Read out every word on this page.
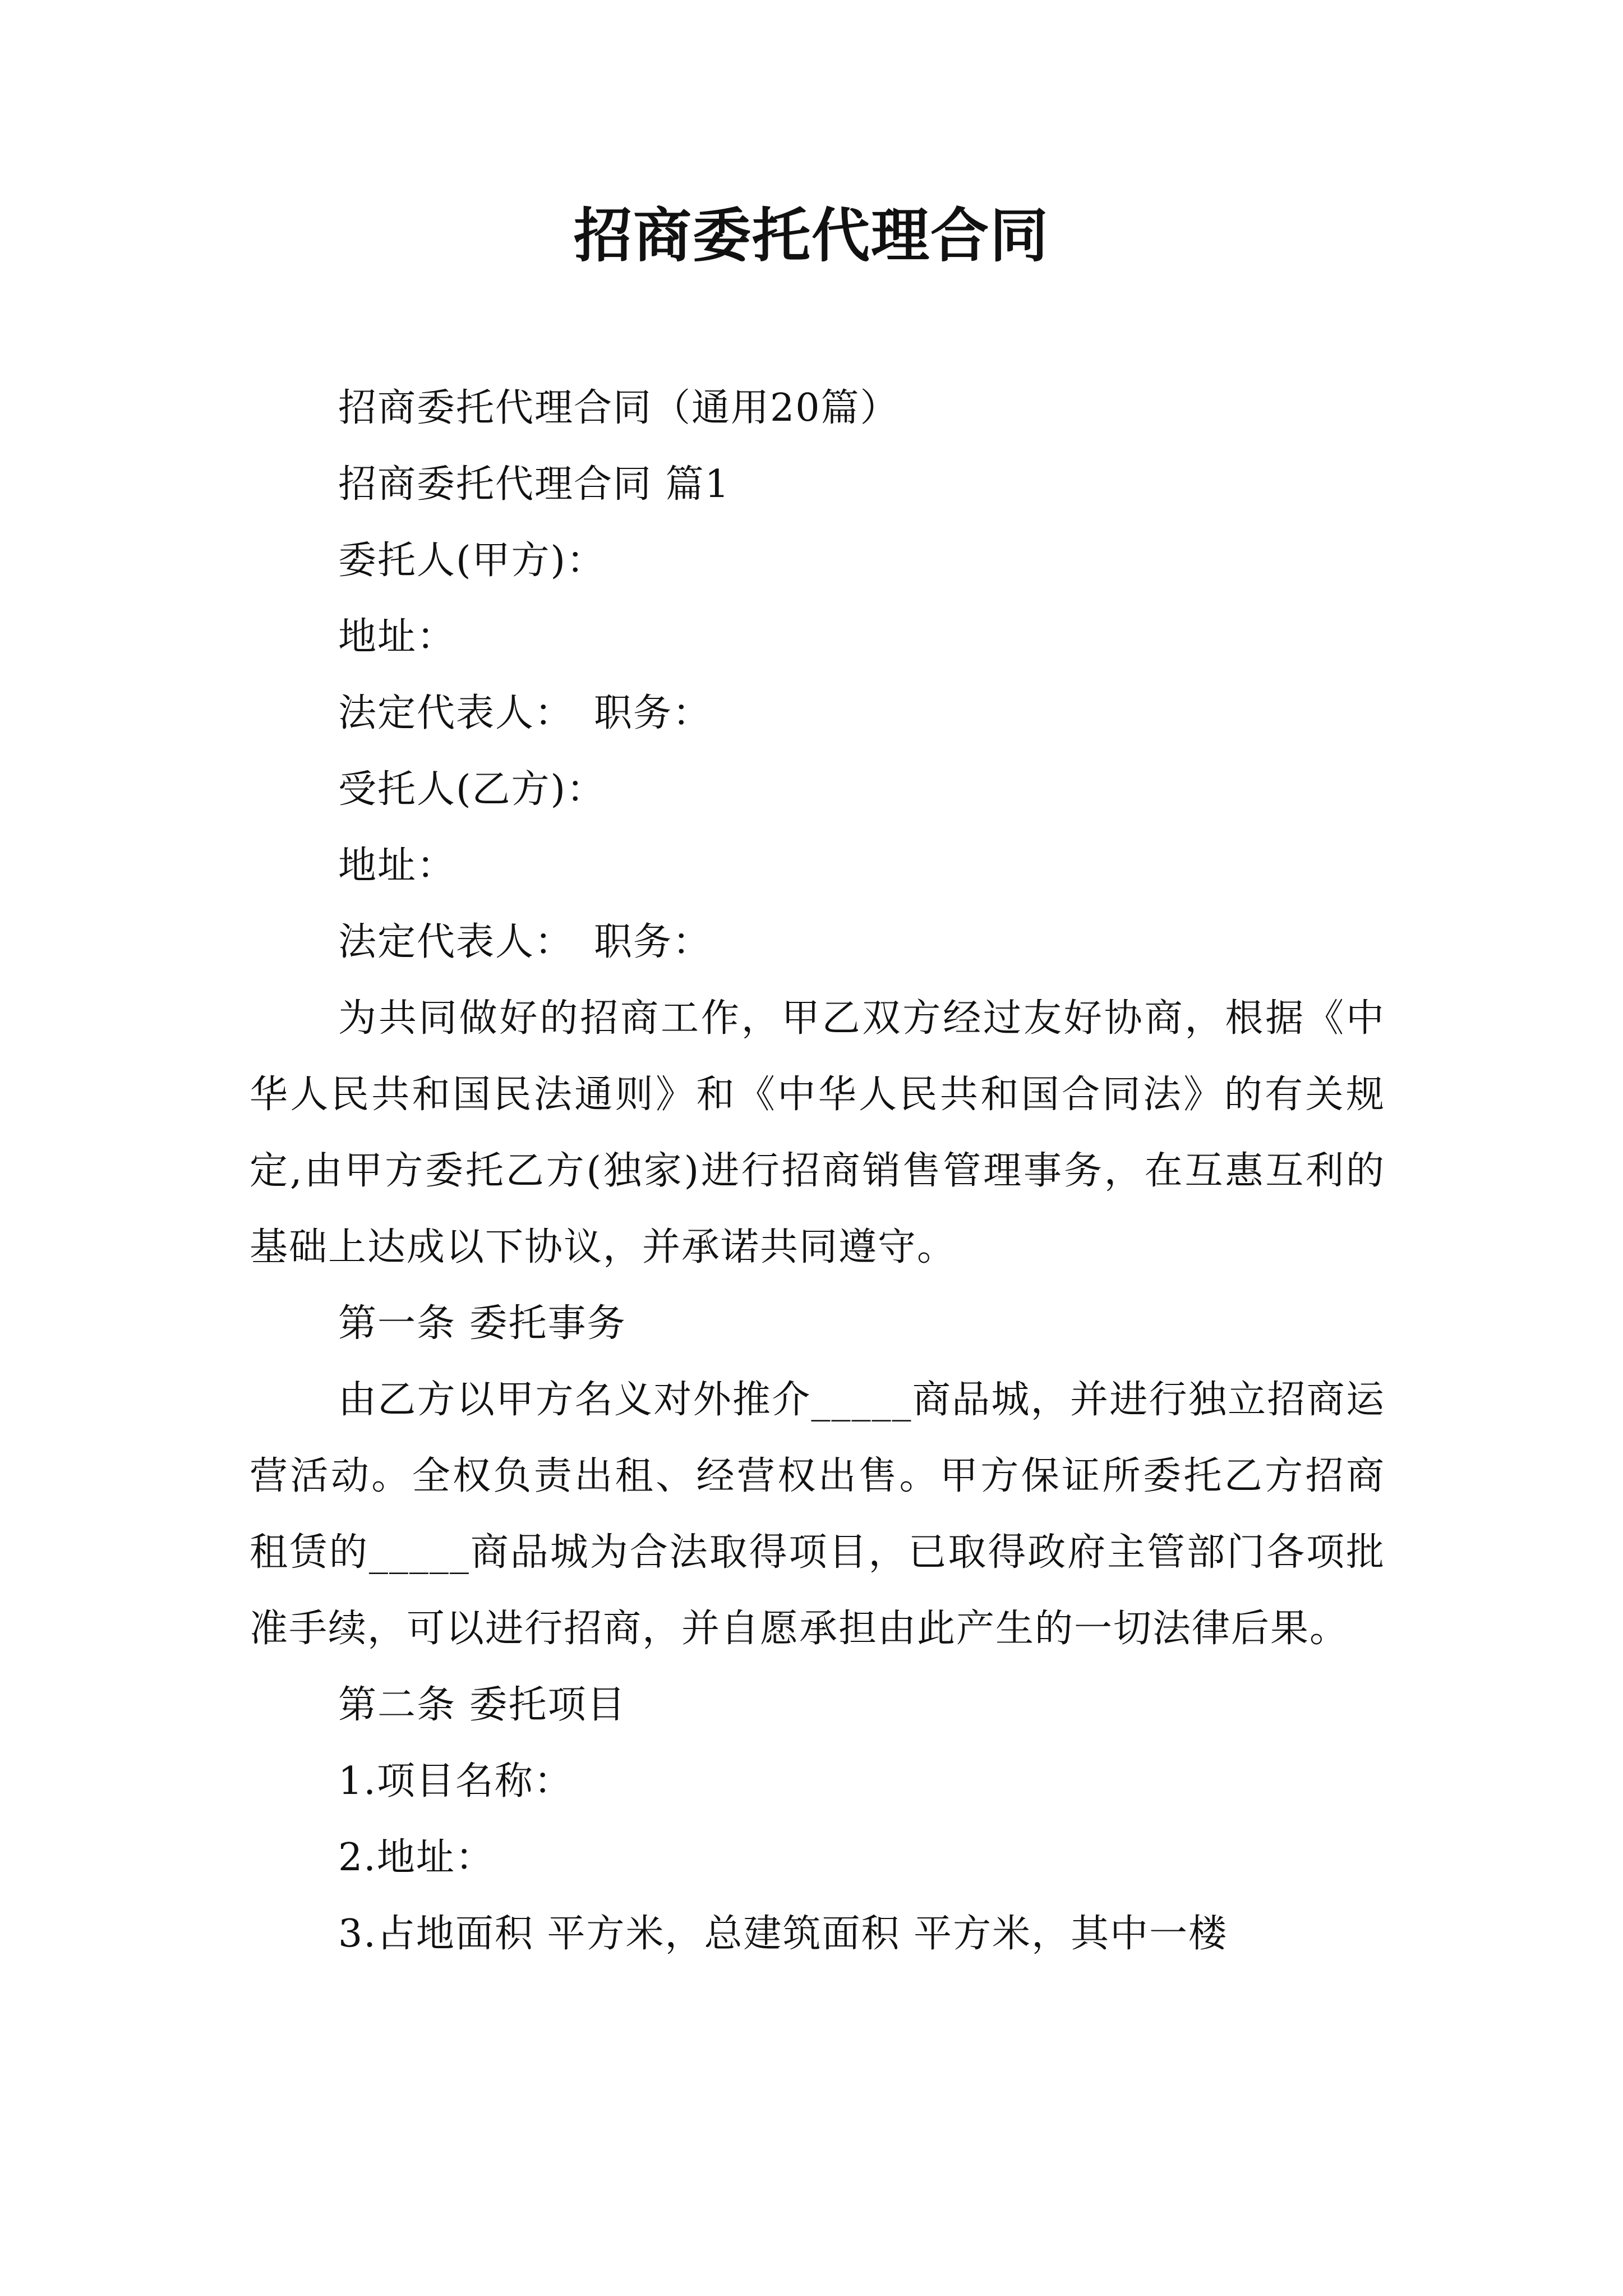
招商委托代理合同

招商委托代理合同（通用20篇）

招商委托代理合同 篇1

委托人(甲方)：

地址：

法定代表人：　职务：

受托人(乙方)：

地址：

法定代表人：　职务：

为共同做好的招商工作，甲乙双方经过友好协商，根据《中华人民共和国民法通则》和《中华人民共和国合同法》的有关规定,由甲方委托乙方(独家)进行招商销售管理事务，在互惠互利的基础上达成以下协议，并承诺共同遵守。

第一条 委托事务

由乙方以甲方名义对外推介_____商品城，并进行独立招商运营活动。全权负责出租、经营权出售。甲方保证所委托乙方招商租赁的_____商品城为合法取得项目，已取得政府主管部门各项批准手续，可以进行招商，并自愿承担由此产生的一切法律后果。

第二条 委托项目

1.项目名称：

2.地址：

3.占地面积 平方米，总建筑面积 平方米，其中一楼
